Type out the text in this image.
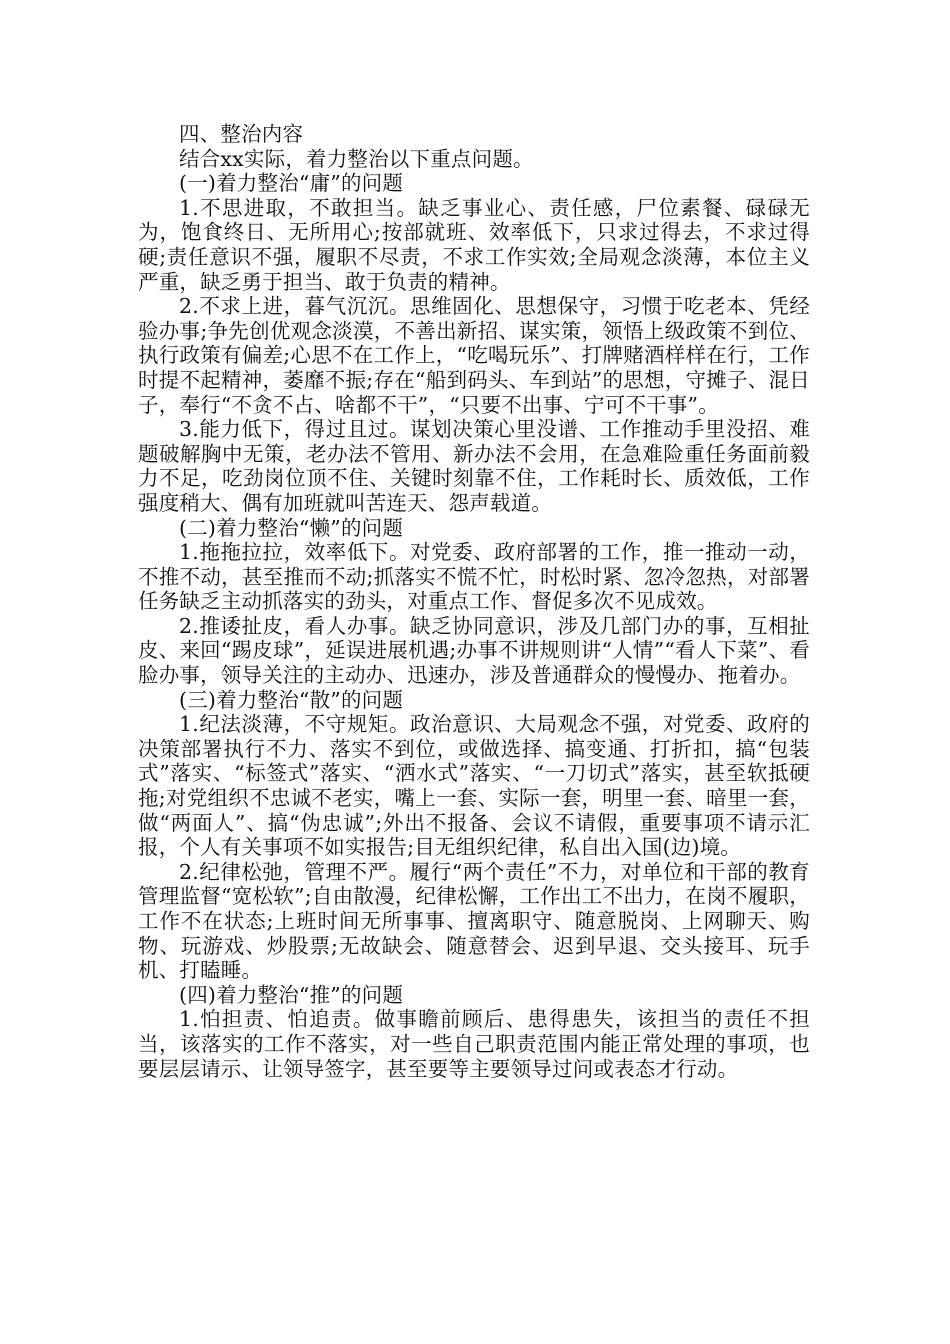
四、整治内容

结合xx实际，着力整治以下重点问题。

(一)着力整治“庸”的问题

1.不思进取，不敢担当。缺乏事业心、责任感，尸位素餐、碌碌无为，饱食终日、无所用心;按部就班、效率低下，只求过得去，不求过得硬;责任意识不强，履职不尽责，不求工作实效;全局观念淡薄，本位主义严重，缺乏勇于担当、敢于负责的精神。

2.不求上进，暮气沉沉。思维固化、思想保守，习惯于吃老本、凭经验办事;争先创优观念淡漠，不善出新招、谋实策，领悟上级政策不到位、执行政策有偏差;心思不在工作上，“吃喝玩乐”、打牌赌酒样样在行，工作时提不起精神，萎靡不振;存在“船到码头、车到站”的思想，守摊子、混日子，奉行“不贪不占、啥都不干”，“只要不出事、宁可不干事”。

3.能力低下，得过且过。谋划决策心里没谱、工作推动手里没招、难题破解胸中无策，老办法不管用、新办法不会用，在急难险重任务面前毅力不足，吃劲岗位顶不住、关键时刻靠不住，工作耗时长、质效低，工作强度稍大、偶有加班就叫苦连天、怨声载道。

(二)着力整治“懒”的问题

1.拖拖拉拉，效率低下。对党委、政府部署的工作，推一推动一动，不推不动，甚至推而不动;抓落实不慌不忙，时松时紧、忽冷忽热，对部署任务缺乏主动抓落实的劲头，对重点工作、督促多次不见成效。

2.推诿扯皮，看人办事。缺乏协同意识，涉及几部门办的事，互相扯皮、来回“踢皮球”，延误进展机遇;办事不讲规则讲“人情”“看人下菜”、看脸办事，领导关注的主动办、迅速办，涉及普通群众的慢慢办、拖着办。

(三)着力整治“散”的问题

1.纪法淡薄，不守规矩。政治意识、大局观念不强，对党委、政府的决策部署执行不力、落实不到位，或做选择、搞变通、打折扣，搞“包装式”落实、“标签式”落实、“洒水式”落实、“一刀切式”落实，甚至软抵硬拖;对党组织不忠诚不老实，嘴上一套、实际一套，明里一套、暗里一套，做“两面人”、搞“伪忠诚”;外出不报备、会议不请假，重要事项不请示汇报，个人有关事项不如实报告;目无组织纪律，私自出入国(边)境。

2.纪律松弛，管理不严。履行“两个责任”不力，对单位和干部的教育管理监督“宽松软”;自由散漫，纪律松懈，工作出工不出力，在岗不履职，工作不在状态;上班时间无所事事、擅离职守、随意脱岗、上网聊天、购物、玩游戏、炒股票;无故缺会、随意替会、迟到早退、交头接耳、玩手机、打瞌睡。

(四)着力整治“推”的问题

1.怕担责、怕追责。做事瞻前顾后、患得患失，该担当的责任不担当，该落实的工作不落实，对一些自己职责范围内能正常处理的事项，也要层层请示、让领导签字，甚至要等主要领导过问或表态才行动。
